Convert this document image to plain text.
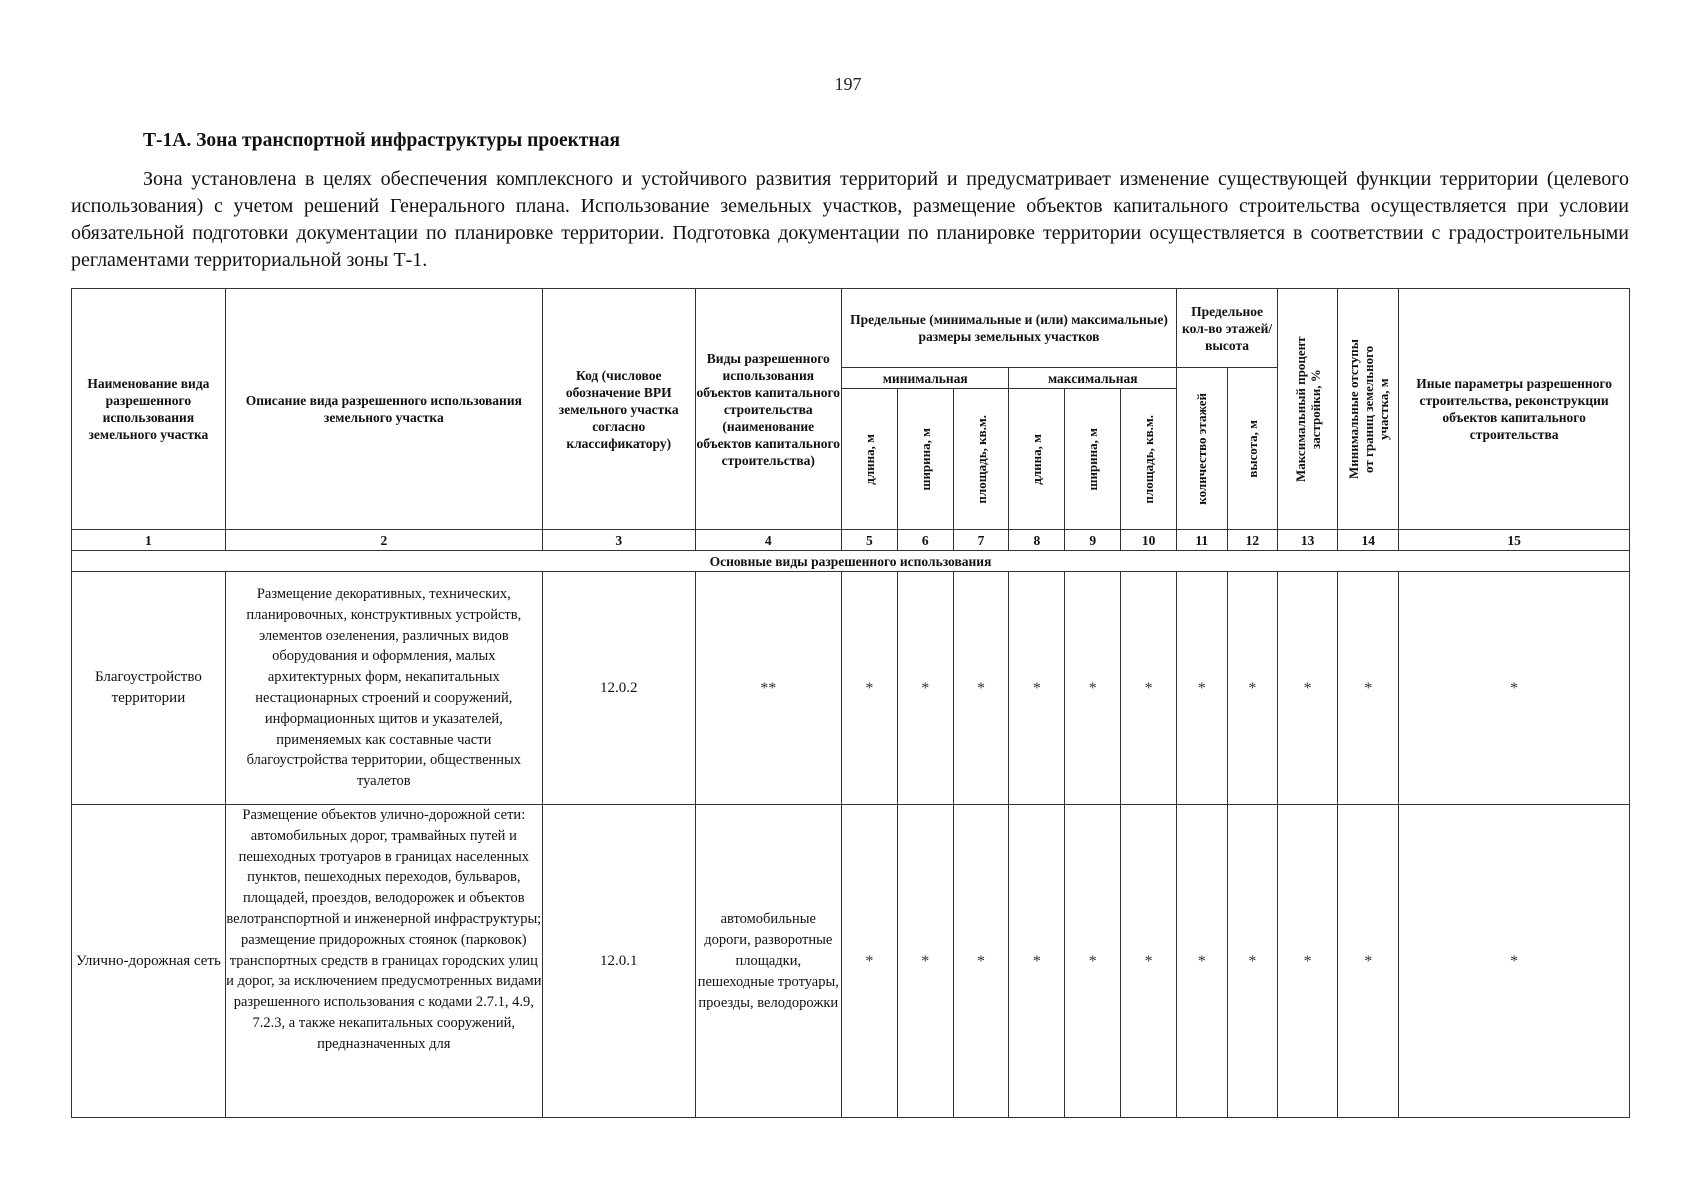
197
Т-1А. Зона транспортной инфраструктуры проектная

Зона установлена в целях обеспечения комплексного и устойчивого развития территорий и предусматривает изменение существующей функции территории (целевого использования) с учетом решений Генерального плана. Использование земельных участков, размещение объектов капитального строительства осуществляется при условии обязательной подготовки документации по планировке территории. Подготовка документации по планировке территории осуществляется в соответствии с градостроительными регламентами территориальной зоны Т-1.

Наименование вида разрешенного использования земельного участка	Описание вида разрешенного использования земельного участка	Код (числовое обозначение ВРИ земельного участка согласно классификатору)	Виды разрешенного использования объектов капитального строительства (наименование объектов капитального строительства)	Предельные (минимальные и (или) максимальные) размеры земельных участков						Предельное кол-во этажей/ высота		Максимальный процент застройки, %	Минимальные отступы от границ земельного участка, м	Иные параметры разрешенного строительства, реконструкции объектов капитального строительства
				минимальная			максимальная			количество этажей	высота, м			

				длина, м	ширина, м	площадь, кв.м.	длина, м	ширина, м	площадь, кв.м.					

1	2	3	4	5	6	7	8	9	10	11	12	13	14	15
Основные виды разрешенного использования														
Благоустройство территории	Размещение декоративных, технических, планировочных, конструктивных устройств, элементов озеленения, различных видов оборудования и оформления, малых архитектурных форм, некапитальных нестационарных строений и сооружений, информационных щитов и указателей, применяемых как составные части благоустройства территории, общественных туалетов	12.0.2	**	*	*	*	*	*	*	*	*	*	*	*
Улично-дорожная сеть	Размещение объектов улично-дорожной сети: автомобильных дорог, трамвайных путей и пешеходных тротуаров в границах населенных пунктов, пешеходных переходов, бульваров, площадей, проездов, велодорожек и объектов велотранспортной и инженерной инфраструктуры; размещение придорожных стоянок (парковок) транспортных средств в границах городских улиц и дорог, за исключением предусмотренных видами разрешенного использования с кодами 2.7.1, 4.9, 7.2.3, а также некапитальных сооружений, предназначенных для	12.0.1	автомобильные дороги, разворотные площадки, пешеходные тротуары, проезды, велодорожки	*	*	*	*	*	*	*	*	*	*	*
